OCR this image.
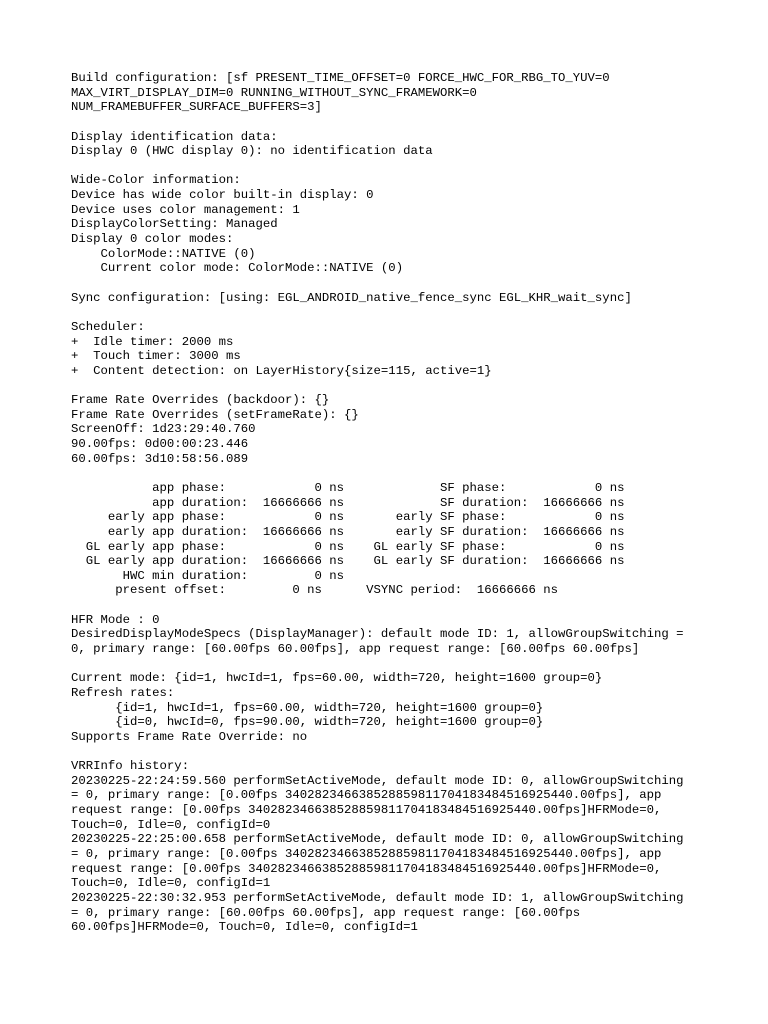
Build configuration: [sf PRESENT_TIME_OFFSET=0 FORCE_HWC_FOR_RBG_TO_YUV=0
MAX_VIRT_DISPLAY_DIM=0 RUNNING_WITHOUT_SYNC_FRAMEWORK=0
NUM_FRAMEBUFFER_SURFACE_BUFFERS=3]
Display identification data:
Display 0 (HWC display 0): no identification data
Wide-Color information:
Device has wide color built-in display: 0
Device uses color management: 1
DisplayColorSetting: Managed
Display 0 color modes:
ColorMode::NATIVE (0)
Current color mode: ColorMode::NATIVE (0)
Sync configuration: [using: EGL_ANDROID_native_fence_sync EGL_KHR_wait_sync]
Scheduler:
+  Idle timer: 2000 ms
+  Touch timer: 3000 ms
+  Content detection: on LayerHistory{size=115, active=1}
Frame Rate Overrides (backdoor): {}
Frame Rate Overrides (setFrameRate): {}
ScreenOff: 1d23:29:40.760
90.00fps: 0d00:00:23.446
60.00fps: 3d10:58:56.089
app phase:            0 ns             SF phase:            0 ns
app duration:  16666666 ns             SF duration:  16666666 ns
early app phase:            0 ns       early SF phase:            0 ns
early app duration:  16666666 ns       early SF duration:  16666666 ns
GL early app phase:            0 ns    GL early SF phase:            0 ns
GL early app duration:  16666666 ns    GL early SF duration:  16666666 ns
HWC min duration:         0 ns
present offset:         0 ns      VSYNC period:  16666666 ns
HFR Mode : 0
DesiredDisplayModeSpecs (DisplayManager): default mode ID: 1, allowGroupSwitching =
0, primary range: [60.00fps 60.00fps], app request range: [60.00fps 60.00fps]
Current mode: {id=1, hwcId=1, fps=60.00, width=720, height=1600 group=0}
Refresh rates:
{id=1, hwcId=1, fps=60.00, width=720, height=1600 group=0}
{id=0, hwcId=0, fps=90.00, width=720, height=1600 group=0}
Supports Frame Rate Override: no
VRRInfo history:
20230225-22:24:59.560 performSetActiveMode, default mode ID: 0, allowGroupSwitching
= 0, primary range: [0.00fps 340282346638528859811704183484516925440.00fps], app
request range: [0.00fps 340282346638528859811704183484516925440.00fps]HFRMode=0,
Touch=0, Idle=0, configId=0
20230225-22:25:00.658 performSetActiveMode, default mode ID: 0, allowGroupSwitching
= 0, primary range: [0.00fps 340282346638528859811704183484516925440.00fps], app
request range: [0.00fps 340282346638528859811704183484516925440.00fps]HFRMode=0,
Touch=0, Idle=0, configId=1
20230225-22:30:32.953 performSetActiveMode, default mode ID: 1, allowGroupSwitching
= 0, primary range: [60.00fps 60.00fps], app request range: [60.00fps
60.00fps]HFRMode=0, Touch=0, Idle=0, configId=1
